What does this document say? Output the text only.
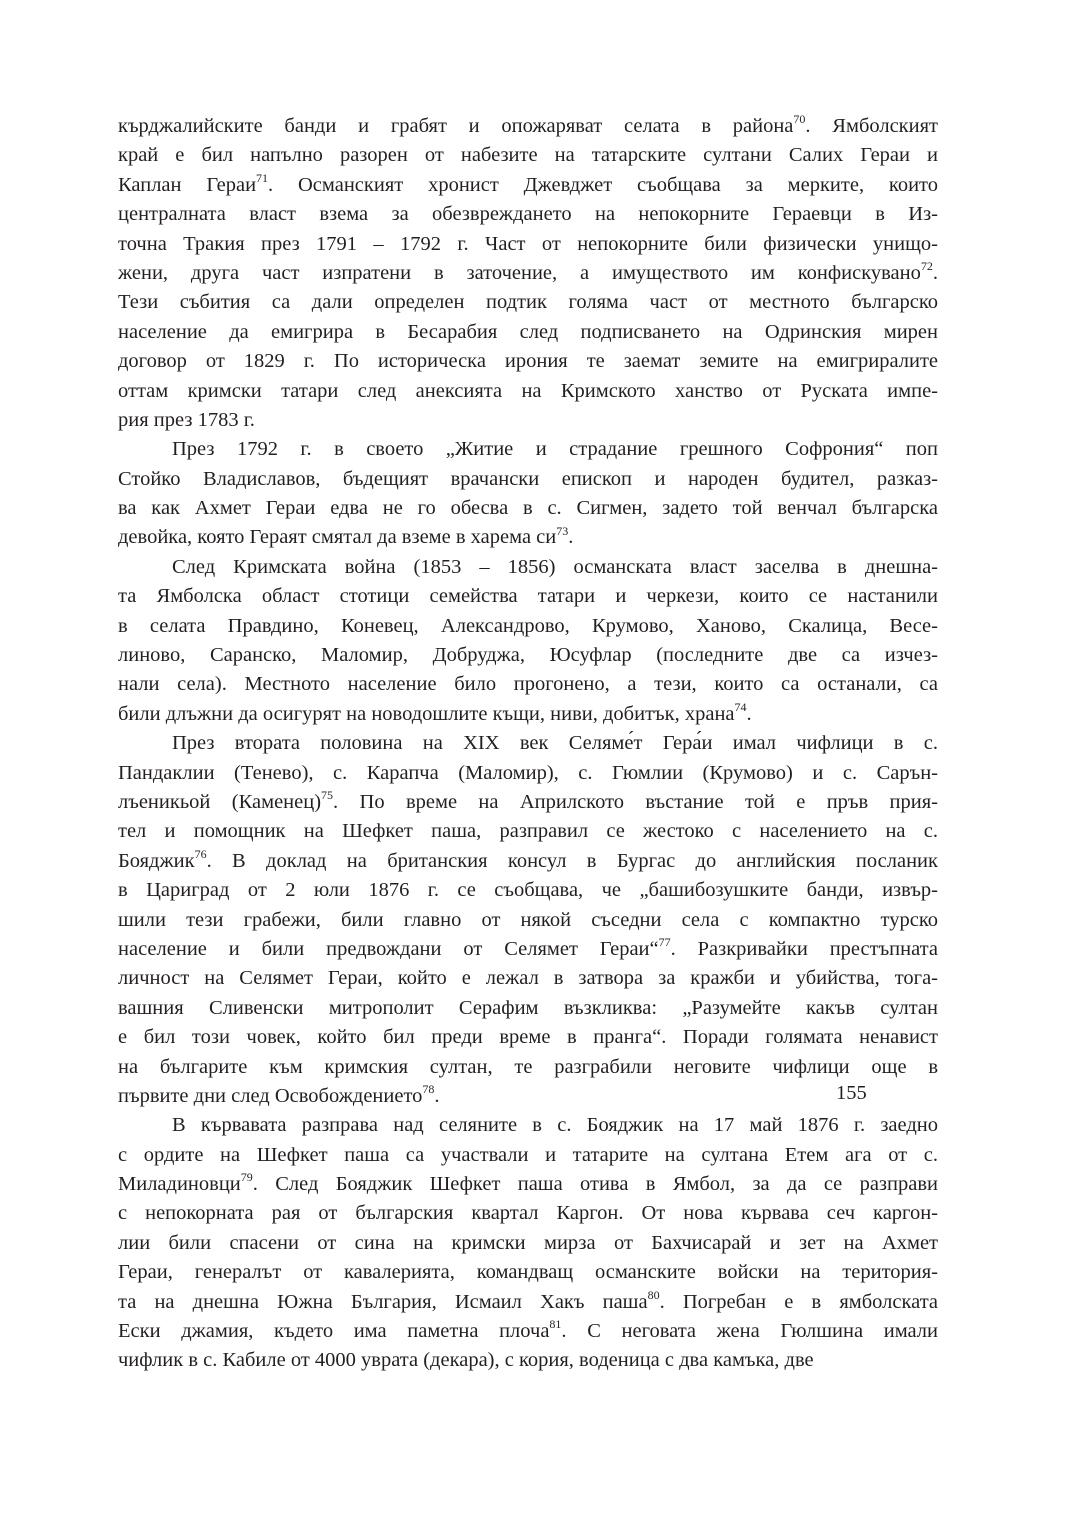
кърджалийските банди и грабят и опожаряват селата в района$^{70}$. Ямболският
край е бил напълно разорен от набезите на татарските султани Салих Гераи и
Каплан Гераи$^{71}$. Османският хронист Джевджет съобщава за мерките, които
централната власт взема за обезвреждането на непокорните Гераевци в Из-
точна Тракия през 1791 – 1792 г. Част от непокорните били физически унищо-
жени, друга част изпратени в заточение, а имуществото им конфискувано$^{72}$.
Тези събития са дали определен подтик голяма част от местното българско
население да емигрира в Бесарабия след подписването на Одринския мирен
договор от 1829 г. По историческа ирония те заемат земите на емигриралите
оттам кримски татари след анексията на Кримското ханство от Руската импе-
рия през 1783 г.
През 1792 г. в своето „Житие и страдание грешного Софрония“ поп
Стойко Владиславов, бъдещият врачански епископ и народен будител, разказ-
ва как Ахмет Гераи едва не го обесва в с. Сигмен, задето той венчал българска
девойка, която Гераят смятал да вземе в харема $си^{73}$.
След Кримската война (1853 – 1856) османската власт заселва в днешна-
та Ямболска област стотици семейства татари и черкези, които се настанили
в селата Правдино, Коневец, Александрово, Крумово, Ханово, Скалица, Весе-
линово, Саранско, Маломир, Добруджа, Юсуфлар (последните две са изчез-
нали села). Местното население било прогонено, а тези, които са останали, са
били длъжни да осигурят на новодошлите къщи, ниви, добитък, храна$^{74}$.
През втората половина на XIX век Селяме́т Гера́и имал чифлици в с.
Пандаклии (Тенево), с. Карапча (Маломир), с. Гюмлии (Крумово) и с. Сарън-
лъеникьой (Каменец)$^{75}$. По време на Априлското въстание той е пръв прия-
тел и помощник на Шефкет паша, разправил се жестоко с населението на с.
Бояджик$^{76}$. В доклад на британския консул в Бургас до английския посланик
в Цариград от 2 юли 1876 г. се съобщава, че „башибозушките банди, извър-
шили тези грабежи, били главно от някой съседни села с компактно турско
население и били предвождани от Селямет Гераи“$^{77}$. Разкривайки престъпната
личност на Селямет Гераи, който е лежал в затвора за кражби и убийства, тога-
вашния Сливенски митрополит Серафим възкликва: „Разумейте какъв султан
е бил този човек, който бил преди време в пранга“. Поради голямата ненавист
на българите към кримския султан, те разграбили неговите чифлици още в
първите дни след Освобождението$^{78}$.
В кървавата разправа над селяните в с. Бояджик на 17 май 1876 г. заедно
с ордите на Шефкет паша са участвали и татарите на султана Етем ага от с.
Миладиновци$^{79}$. След Бояджик Шефкет паша отива в Ямбол, за да се разправи
с непокорната рая от българския квартал Каргон. От нова кървава сеч каргон-
лии били спасени от сина на кримски мирза от Бахчисарай и зет на Ахмет
Гераи, генералът от кавалерията, командващ османските войски на територия-
та на днешна Южна България, Исмаил Хакъ паша$^{80}$. Погребан е в ямболската
Ески джамия, където има паметна плоча$^{81}$. С неговата жена Гюлшина имали
чифлик в с. Кабиле от 4000 уврата (декара), с кория, воденица с два камъка, две
155
